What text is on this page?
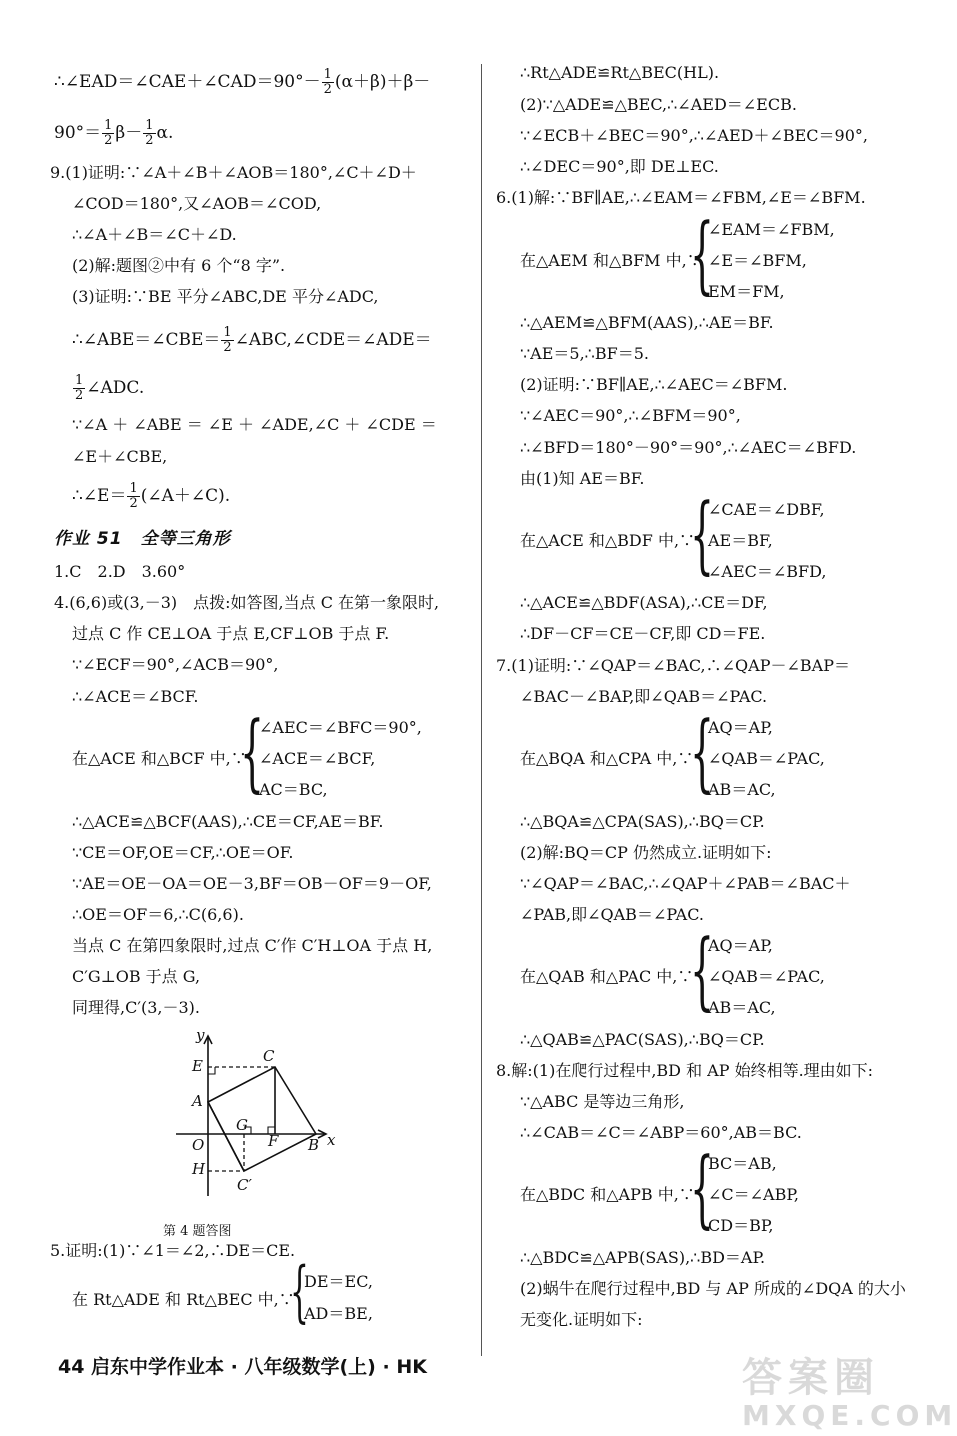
∴∠EAD＝∠CAE＋∠CAD＝90°－ $\frac{1}{2} (\alpha+\beta)+\beta-$
$90^\circ= \frac{1}{2} \beta- \frac{1}{2} \alpha$.
9.(1)证明:∵∠A＋∠B＋∠AOB＝180°,∠C＋∠D＋
∠COD＝180°,又∠AOB＝∠COD,
∴∠A＋∠B＝∠C＋∠D.
(2)解:题图②中有 6 个“8 字”.
(3)证明:∵BE 平分∠ABC,DE 平分∠ADC,
∴∠ABE＝∠CBE＝ $\frac{1}{2}$ ∠ABC,∠CDE＝∠ADE＝
$\frac{1}{2}$ ∠ADC.
∵∠A ＋ ∠ABE ＝ ∠E ＋ ∠ADE,∠C ＋ ∠CDE ＝
∠E＋∠CBE,
∴∠E＝ $\frac{1}{2}$ (∠A＋∠C).
作业 51　全等三角形
1.C　2.D　3.60°
4.(6,6)或(3,－3)　点拨:如答图,当点 C 在第一象限时,
过点 C 作 CE⊥OA 于点 E,CF⊥OB 于点 F.
∵∠ECF＝90°,∠ACB＝90°,
∴∠ACE＝∠BCF.
在△ACE 和△BCF 中,∵
{
∠AEC＝∠BFC＝90°,
∠ACE＝∠BCF,
AC＝BC,
∴△ACE≌△BCF(AAS),∴CE＝CF,AE＝BF.
∵CE＝OF,OE＝CF,∴OE＝OF.
∵AE＝OE－OA＝OE－3,BF＝OB－OF＝9－OF,
∴OE＝OF＝6,∴C(6,6).
当点 C 在第四象限时,过点 C′作 C′H⊥OA 于点 H,
C′G⊥OB 于点 G,
同理得,C′(3,－3).
5.证明:(1)∵∠1＝∠2,∴DE＝CE.
在 Rt△ADE 和 Rt△BEC 中,∵
{
DE＝EC,
AD＝BE,
y
x
E
C
A
O
G
F B
H
C′
第 4 题答图
∴Rt△ADE≌Rt△BEC(HL).
(2)∵△ADE≌△BEC,∴∠AED＝∠ECB.
∵∠ECB＋∠BEC＝90°,∴∠AED＋∠BEC＝90°,
∴∠DEC＝90°,即 DE⊥EC.
6.(1)解:∵BF∥AE,∴∠EAM＝∠FBM,∠E＝∠BFM.
在△AEM 和△BFM 中,∵
{
∠EAM＝∠FBM,
∠E＝∠BFM,
EM＝FM,
∴△AEM≌△BFM(AAS),∴AE＝BF.
∵AE＝5,∴BF＝5.
(2)证明:∵BF∥AE,∴∠AEC＝∠BFM.
∵∠AEC＝90°,∴∠BFM＝90°,
∴∠BFD＝180°－90°＝90°,∴∠AEC＝∠BFD.
由(1)知 AE＝BF.
在△ACE 和△BDF 中,∵
{
∠CAE＝∠DBF,
AE＝BF,
∠AEC＝∠BFD,
∴△ACE≌△BDF(ASA),∴CE＝DF,
∴DF－CF＝CE－CF,即 CD＝FE.
7.(1)证明:∵∠QAP＝∠BAC,∴∠QAP－∠BAP＝
∠BAC－∠BAP,即∠QAB＝∠PAC.
在△BQA 和△CPA 中,∵
{
AQ＝AP,
∠QAB＝∠PAC,
AB＝AC,
∴△BQA≌△CPA(SAS),∴BQ＝CP.
(2)解:BQ＝CP 仍然成立.证明如下:
∵∠QAP＝∠BAC,∴∠QAP＋∠PAB＝∠BAC＋
∠PAB,即∠QAB＝∠PAC.
在△QAB 和△PAC 中,∵
{
AQ＝AP,
∠QAB＝∠PAC,
AB＝AC,
∴△QAB≌△PAC(SAS),∴BQ＝CP.
8.解:(1)在爬行过程中,BD 和 AP 始终相等.理由如下:
∵△ABC 是等边三角形,
∴∠CAB＝∠C＝∠ABP＝60°,AB＝BC.
在△BDC 和△APB 中,∵
{
BC＝AB,
∠C＝∠ABP,
CD＝BP,
∴△BDC≌△APB(SAS),∴BD＝AP.
(2)蜗牛在爬行过程中,BD 与 AP 所成的∠DQA 的大小
无变化.证明如下:
44 启东中学作业本 · 八年级数学(上) · HK	答案圈
MXQE.COM
